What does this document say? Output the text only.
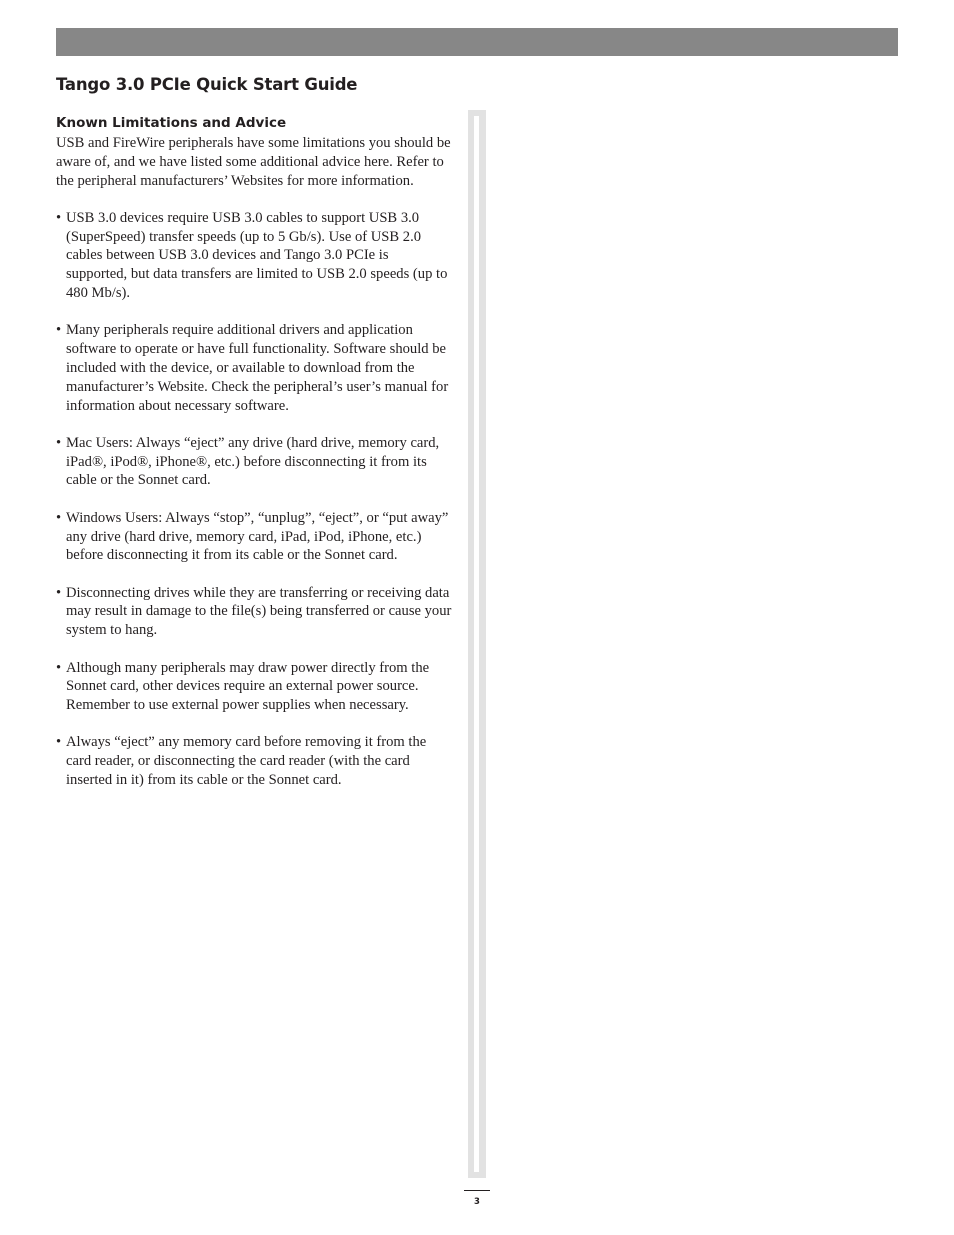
Tango 3.0 PCIe Quick Start Guide
Known Limitations and Advice

USB and FireWire peripherals have some limitations you should be aware of, and we have listed some additional advice here. Refer to the peripheral manufacturers’ Websites for more information.

• USB 3.0 devices require USB 3.0 cables to support USB 3.0 (SuperSpeed) transfer speeds (up to 5 Gb/s). Use of USB 2.0 cables between USB 3.0 devices and Tango 3.0 PCIe is supported, but data transfers are limited to USB 2.0 speeds (up to 480 Mb/s).
• Many peripherals require additional drivers and application software to operate or have full functionality. Software should be included with the device, or available to download from the manufacturer’s Website. Check the peripheral’s user’s manual for information about necessary software.
• Mac Users: Always “eject” any drive (hard drive, memory card, iPad®, iPod®, iPhone®, etc.) before disconnecting it from its cable or the Sonnet card.
• Windows Users: Always “stop”, “unplug”, “eject”, or “put away” any drive (hard drive, memory card, iPad, iPod, iPhone, etc.) before disconnecting it from its cable or the Sonnet card.
• Disconnecting drives while they are transferring or receiving data may result in damage to the file(s) being transferred or cause your system to hang.
• Although many peripherals may draw power directly from the Sonnet card, other devices require an external power source. Remember to use external power supplies when necessary.
• Always “eject” any memory card before removing it from the card reader, or disconnecting the card reader (with the card inserted in it) from its cable or the Sonnet card.
3
